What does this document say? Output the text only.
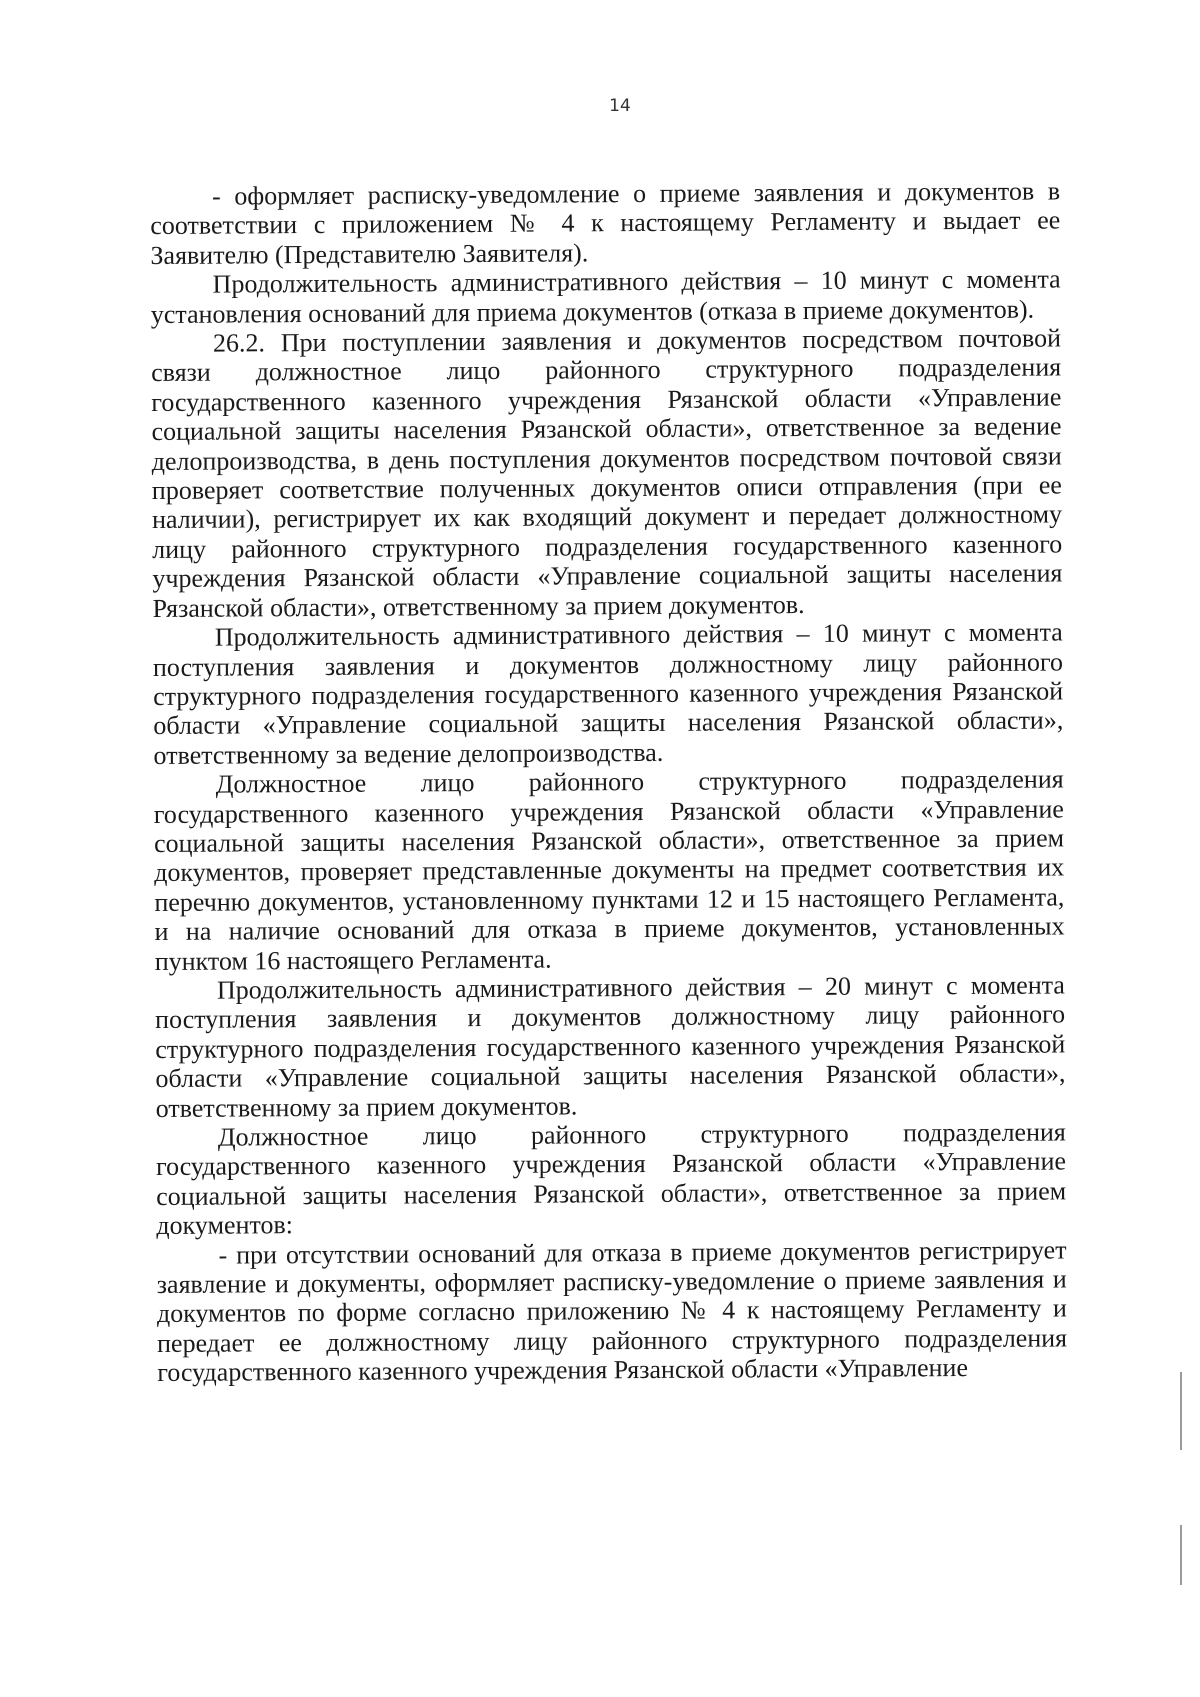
14

- оформляет расписку-уведомление о приеме заявления и документов в соответствии с приложением № 4 к настоящему Регламенту и выдает ее Заявителю (Представителю Заявителя).

Продолжительность административного действия – 10 минут с момента установления оснований для приема документов (отказа в приеме документов).

26.2. При поступлении заявления и документов посредством почтовой связи должностное лицо районного структурного подразделения государственного казенного учреждения Рязанской области «Управление социальной защиты населения Рязанской области», ответственное за ведение делопроизводства, в день поступления документов посредством почтовой связи проверяет соответствие полученных документов описи отправления (при ее наличии), регистрирует их как входящий документ и передает должностному лицу районного структурного подразделения государственного казенного учреждения Рязанской области «Управление социальной защиты населения Рязанской области», ответственному за прием документов.

Продолжительность административного действия – 10 минут с момента поступления заявления и документов должностному лицу районного структурного подразделения государственного казенного учреждения Рязанской области «Управление социальной защиты населения Рязанской области», ответственному за ведение делопроизводства.

Должностное лицо районного структурного подразделения государственного казенного учреждения Рязанской области «Управление социальной защиты населения Рязанской области», ответственное за прием документов, проверяет представленные документы на предмет соответствия их перечню документов, установленному пунктами 12 и 15 настоящего Регламента, и на наличие оснований для отказа в приеме документов, установленных пунктом 16 настоящего Регламента.

Продолжительность административного действия – 20 минут с момента поступления заявления и документов должностному лицу районного структурного подразделения государственного казенного учреждения Рязанской области «Управление социальной защиты населения Рязанской области», ответственному за прием документов.

Должностное лицо районного структурного подразделения государственного казенного учреждения Рязанской области «Управление социальной защиты населения Рязанской области», ответственное за прием документов:

- при отсутствии оснований для отказа в приеме документов регистрирует заявление и документы, оформляет расписку-уведомление о приеме заявления и документов по форме согласно приложению № 4 к настоящему Регламенту и передает ее должностному лицу районного структурного подразделения государственного казенного учреждения Рязанской области «Управление
